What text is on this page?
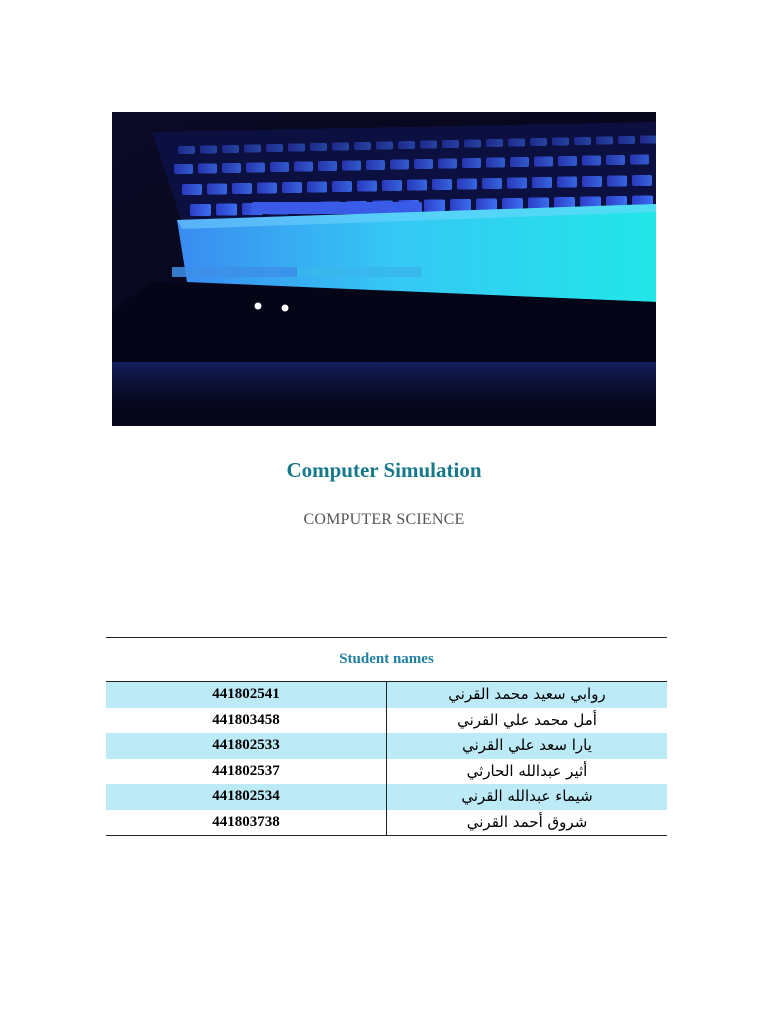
Computer Simulation
COMPUTER SCIENCE
Student names
441802541	روابي سعيد محمد القرني
441803458	أمل محمد علي القرني
441802533	يارا سعد علي القرني
441802537	أثير عبدالله الحارثي
441802534	شيماء عبدالله القرني
441803738	شروق أحمد القرني
